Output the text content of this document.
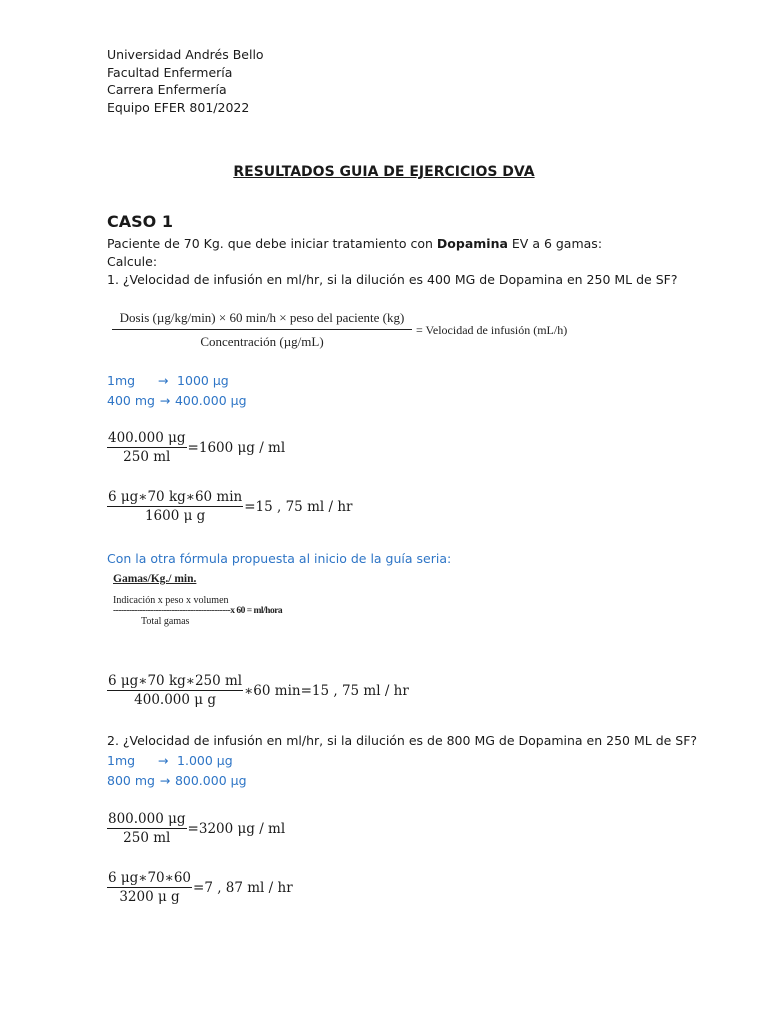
Universidad Andrés Bello
Facultad Enfermería
Carrera Enfermería
Equipo EFER 801/2022
RESULTADOS GUIA DE EJERCICIOS DVA
CASO 1
Paciente de 70 Kg. que debe iniciar tratamiento con Dopamina EV a 6 gamas:
Calcule:
1. ¿Velocidad de infusión en ml/hr, si la dilución es 400 MG de Dopamina en 250 ML de SF?
Dosis (µg/kg/min) × 60 min/h × peso del paciente (kg)
Concentración (µg/mL)
= Velocidad de infusión (mL/h)
1mg → 1000 µg
400 mg → 400.000 µg
$\frac{400.000 \mu g}{250 ml} =1600$ μg / ml
$\frac{6 \mu g∗70 kg∗60 \min}{\text{1600 μ g}} =15$ , 75 ml / hr
Con la otra fórmula propuesta al inicio de la guía seria:
Gamas/Kg./ min.
Indicación x peso x volumen
--------------------------------------------x 60 = ml/hora
Total gamas
$\frac{6 \mu g∗70 kg∗250 ml}{\text{400.000 μ g}}$ ∗60 min=15 , 75 ml / hr
2. ¿Velocidad de infusión en ml/hr, si la dilución es de 800 MG de Dopamina en 250 ML de SF?
1mg → 1.000 µg
800 mg → 800.000 µg
$\frac{800.000 \mu g}{250 ml} =3200$ μg / ml
$\frac{6 \mu g∗70∗60}{\text{3200 μ g}} =7$ , 87 ml / hr
